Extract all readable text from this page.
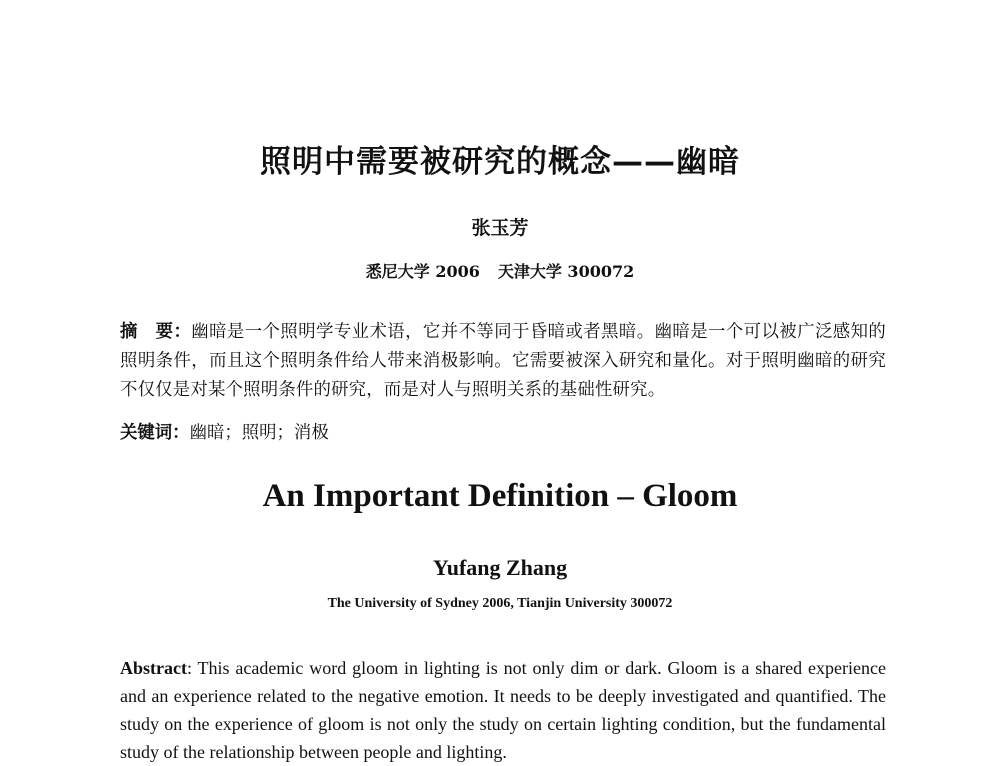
照明中需要被研究的概念——幽暗
张玉芳
悉尼大学 2006 天津大学 300072
摘　要：幽暗是一个照明学专业术语，它并不等同于昏暗或者黑暗。幽暗是一个可以被广泛感知的照明条件，而且这个照明条件给人带来消极影响。它需要被深入研究和量化。对于照明幽暗的研究不仅仅是对某个照明条件的研究，而是对人与照明关系的基础性研究。
关键词：幽暗；照明；消极
An Important Definition – Gloom
Yufang Zhang
The University of Sydney 2006, Tianjin University 300072
Abstract: This academic word gloom in lighting is not only dim or dark. Gloom is a shared experience and an experience related to the negative emotion. It needs to be deeply investigated and quantified. The study on the experience of gloom is not only the study on certain lighting condition, but the fundamental study of the relationship between people and lighting.
